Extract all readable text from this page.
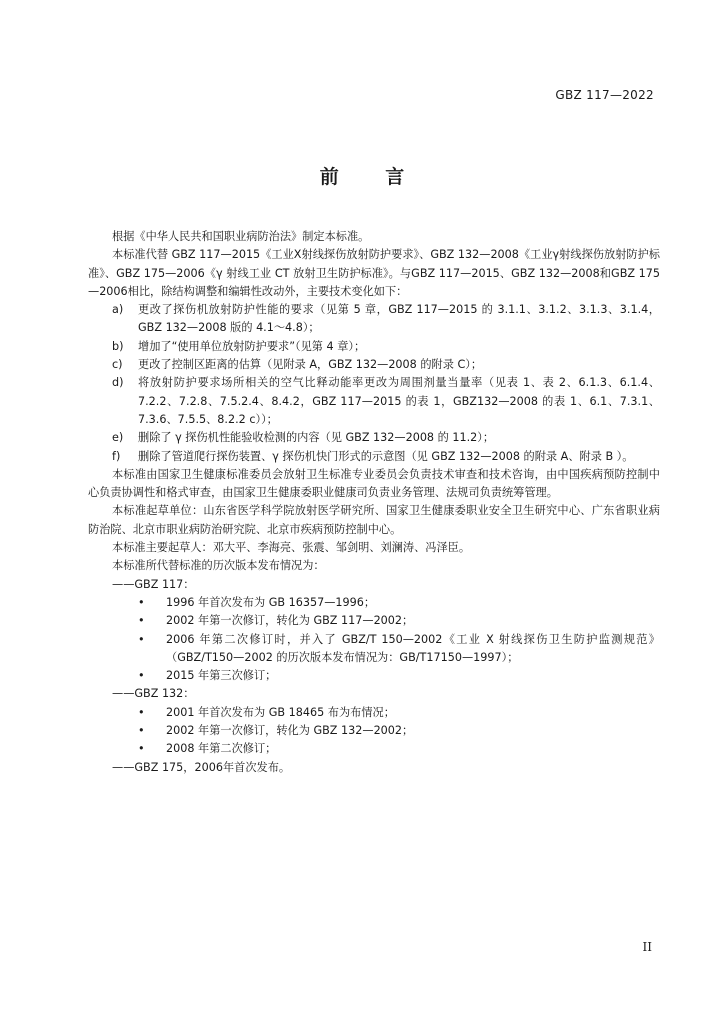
GBZ 117—2022
前 言

根据《中华人民共和国职业病防治法》制定本标准。

本标准代替 GBZ 117—2015《工业X射线探伤放射防护要求》、GBZ 132—2008《工业γ射线探伤放射防护标准》、GBZ 175—2006《γ 射线工业 CT 放射卫生防护标准》。与GBZ 117—2015、GBZ 132—2008和GBZ 175—2006相比，除结构调整和编辑性改动外，主要技术变化如下：

a)	更改了探伤机放射防护性能的要求（见第 5 章，GBZ 117—2015 的 3.1.1、3.1.2、3.1.3、3.1.4，GBZ 132—2008 版的 4.1～4.8）；
b)	增加了“使用单位放射防护要求”（见第 4 章）；
c)	更改了控制区距离的估算（见附录 A，GBZ 132—2008 的附录 C）；
d)	将放射防护要求场所相关的空气比释动能率更改为周围剂量当量率（见表 1、表 2、6.1.3、6.1.4、7.2.2、7.2.8、7.5.2.4、8.4.2，GBZ 117—2015 的表 1，GBZ132—2008 的表 1、6.1、7.3.1、7.3.6、7.5.5、8.2.2 c））；
e)	删除了 γ 探伤机性能验收检测的内容（见 GBZ 132—2008 的 11.2）；
f)	删除了管道爬行探伤装置、γ 探伤机快门形式的示意图（见 GBZ 132—2008 的附录 A、附录 B ）。

本标准由国家卫生健康标准委员会放射卫生标准专业委员会负责技术审查和技术咨询，由中国疾病预防控制中心负责协调性和格式审查，由国家卫生健康委职业健康司负责业务管理、法规司负责统筹管理。

本标准起草单位：山东省医学科学院放射医学研究所、国家卫生健康委职业安全卫生研究中心、广东省职业病防治院、北京市职业病防治研究院、北京市疾病预防控制中心。

本标准主要起草人：邓大平、李海亮、张震、邹剑明、刘澜涛、冯泽臣。

本标准所代替标准的历次版本发布情况为：

——GBZ 117：
•	1996 年首次发布为 GB 16357—1996；
•	2002 年第一次修订，转化为 GBZ 117—2002；
•	2006 年第二次修订时，并入了 GBZ/T 150—2002《工业 X 射线探伤卫生防护监测规范》（GBZ/T150—2002 的历次版本发布情况为：GB/T17150—1997）；
•	2015 年第三次修订；
——GBZ 132：
•	2001 年首次发布为 GB 18465 布为布情况；
•	2002 年第一次修订，转化为 GBZ 132—2002；
•	2008 年第二次修订；
——GBZ 175，2006年首次发布。
II
